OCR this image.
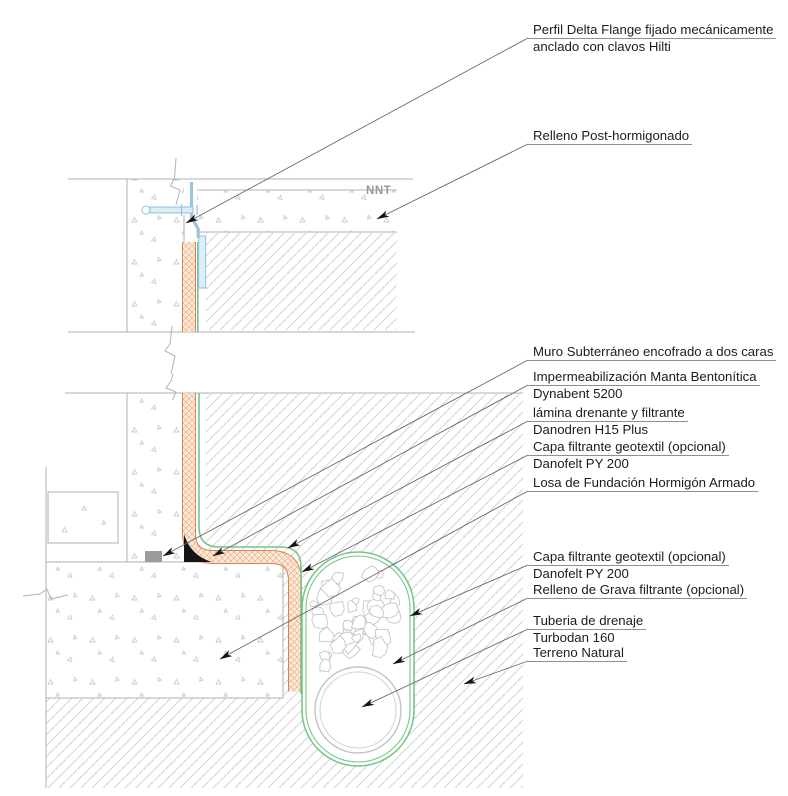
NNT
Perfil Delta Flange fijado mecánicamente
anclado con clavos Hilti
Relleno Post-hormigonado
Muro Subterráneo encofrado a dos caras
Impermeabilización Manta Bentonítica
Dynabent 5200
lámina drenante y filtrante
Danodren H15 Plus
Capa filtrante geotextil (opcional)
Danofelt PY 200
Losa de Fundación Hormigón Armado
Capa filtrante geotextil (opcional)
Danofelt PY 200
Relleno de Grava filtrante (opcional)
Tuberia de drenaje
Turbodan 160
Terreno Natural
